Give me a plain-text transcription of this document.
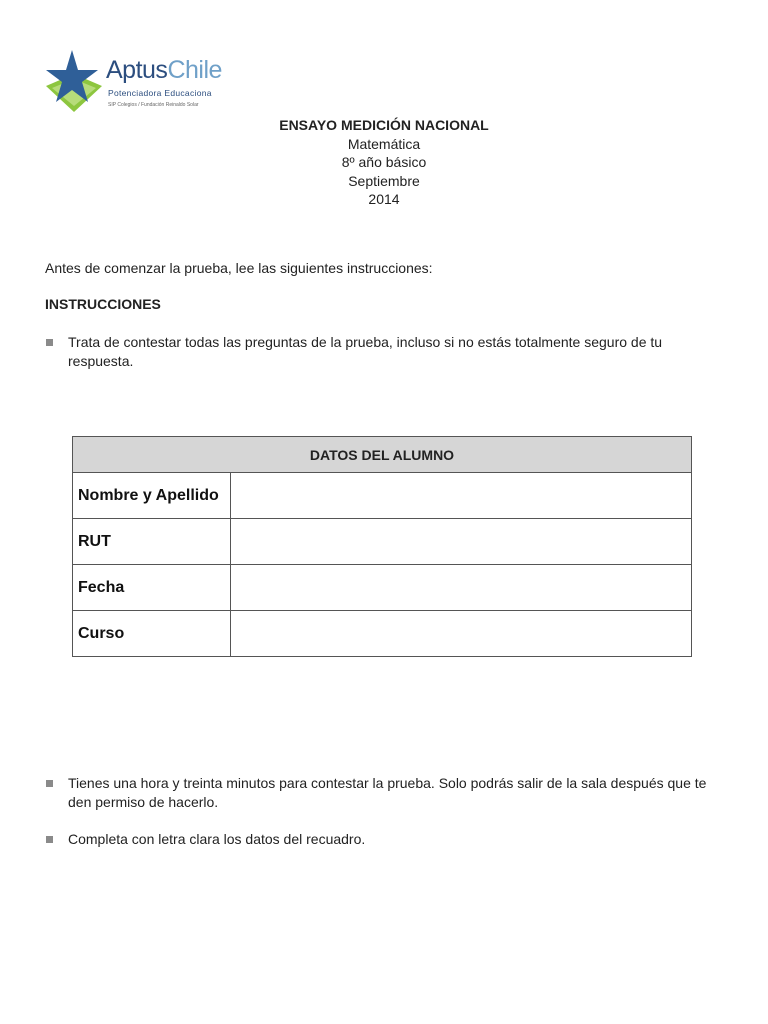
AptusChile
Potenciadora Educaciona
SIP Colegios / Fundación Reinaldo Solar
ENSAYO MEDICIÓN NACIONAL
Matemática
8º año básico
Septiembre
2014
Antes de comenzar la prueba, lee las siguientes instrucciones:
INSTRUCCIONES
Trata de contestar todas las preguntas de la prueba, incluso si no estás totalmente seguro de tu respuesta.
DATOS DEL ALUMNO	
Nombre y Apellido	
RUT	
Fecha	
Curso	
Tienes una hora y treinta minutos para contestar la prueba. Solo podrás salir de la sala después que te den permiso de hacerlo.
Completa con letra clara los datos del recuadro.
